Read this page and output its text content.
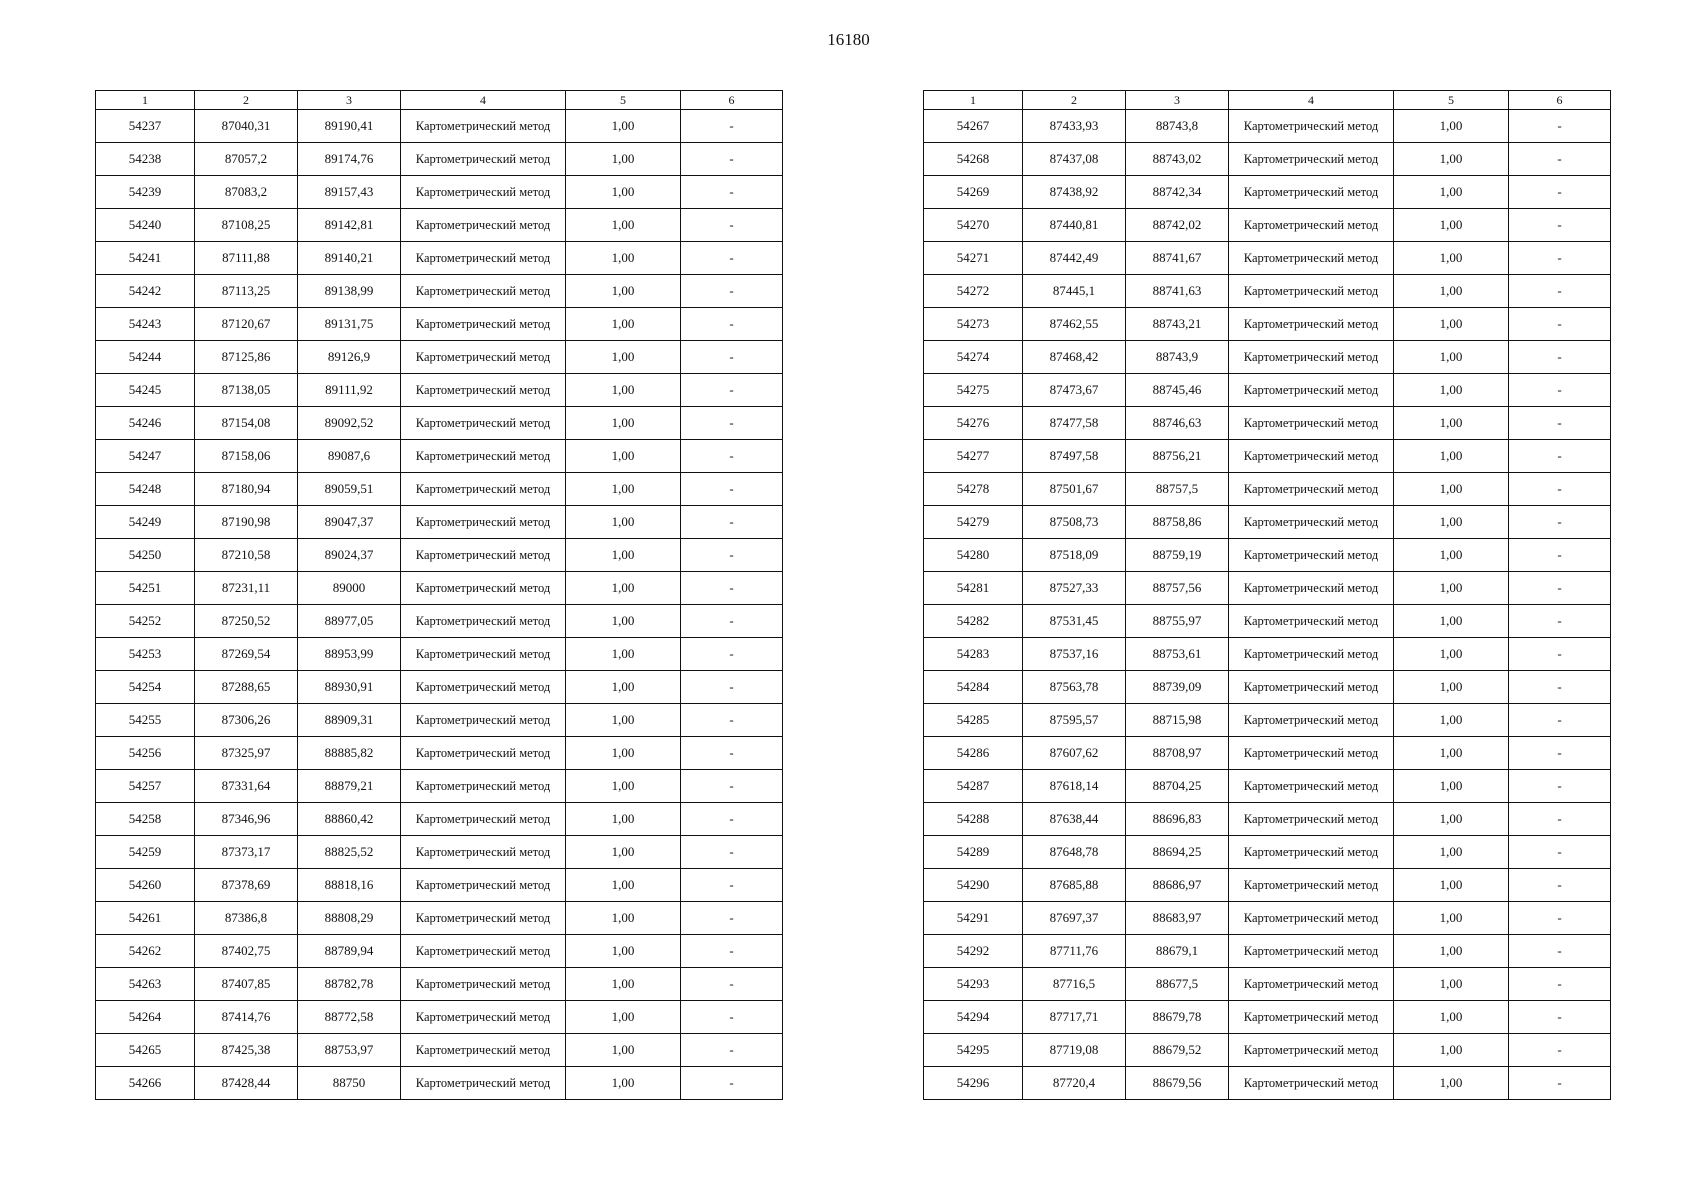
16180
1	2	3	4	5	6
54237	87040,31	89190,41	Картометрический метод	1,00	-
54238	87057,2	89174,76	Картометрический метод	1,00	-
54239	87083,2	89157,43	Картометрический метод	1,00	-
54240	87108,25	89142,81	Картометрический метод	1,00	-
54241	87111,88	89140,21	Картометрический метод	1,00	-
54242	87113,25	89138,99	Картометрический метод	1,00	-
54243	87120,67	89131,75	Картометрический метод	1,00	-
54244	87125,86	89126,9	Картометрический метод	1,00	-
54245	87138,05	89111,92	Картометрический метод	1,00	-
54246	87154,08	89092,52	Картометрический метод	1,00	-
54247	87158,06	89087,6	Картометрический метод	1,00	-
54248	87180,94	89059,51	Картометрический метод	1,00	-
54249	87190,98	89047,37	Картометрический метод	1,00	-
54250	87210,58	89024,37	Картометрический метод	1,00	-
54251	87231,11	89000	Картометрический метод	1,00	-
54252	87250,52	88977,05	Картометрический метод	1,00	-
54253	87269,54	88953,99	Картометрический метод	1,00	-
54254	87288,65	88930,91	Картометрический метод	1,00	-
54255	87306,26	88909,31	Картометрический метод	1,00	-
54256	87325,97	88885,82	Картометрический метод	1,00	-
54257	87331,64	88879,21	Картометрический метод	1,00	-
54258	87346,96	88860,42	Картометрический метод	1,00	-
54259	87373,17	88825,52	Картометрический метод	1,00	-
54260	87378,69	88818,16	Картометрический метод	1,00	-
54261	87386,8	88808,29	Картометрический метод	1,00	-
54262	87402,75	88789,94	Картометрический метод	1,00	-
54263	87407,85	88782,78	Картометрический метод	1,00	-
54264	87414,76	88772,58	Картометрический метод	1,00	-
54265	87425,38	88753,97	Картометрический метод	1,00	-
54266	87428,44	88750	Картометрический метод	1,00	-
1	2	3	4	5	6
54267	87433,93	88743,8	Картометрический метод	1,00	-
54268	87437,08	88743,02	Картометрический метод	1,00	-
54269	87438,92	88742,34	Картометрический метод	1,00	-
54270	87440,81	88742,02	Картометрический метод	1,00	-
54271	87442,49	88741,67	Картометрический метод	1,00	-
54272	87445,1	88741,63	Картометрический метод	1,00	-
54273	87462,55	88743,21	Картометрический метод	1,00	-
54274	87468,42	88743,9	Картометрический метод	1,00	-
54275	87473,67	88745,46	Картометрический метод	1,00	-
54276	87477,58	88746,63	Картометрический метод	1,00	-
54277	87497,58	88756,21	Картометрический метод	1,00	-
54278	87501,67	88757,5	Картометрический метод	1,00	-
54279	87508,73	88758,86	Картометрический метод	1,00	-
54280	87518,09	88759,19	Картометрический метод	1,00	-
54281	87527,33	88757,56	Картометрический метод	1,00	-
54282	87531,45	88755,97	Картометрический метод	1,00	-
54283	87537,16	88753,61	Картометрический метод	1,00	-
54284	87563,78	88739,09	Картометрический метод	1,00	-
54285	87595,57	88715,98	Картометрический метод	1,00	-
54286	87607,62	88708,97	Картометрический метод	1,00	-
54287	87618,14	88704,25	Картометрический метод	1,00	-
54288	87638,44	88696,83	Картометрический метод	1,00	-
54289	87648,78	88694,25	Картометрический метод	1,00	-
54290	87685,88	88686,97	Картометрический метод	1,00	-
54291	87697,37	88683,97	Картометрический метод	1,00	-
54292	87711,76	88679,1	Картометрический метод	1,00	-
54293	87716,5	88677,5	Картометрический метод	1,00	-
54294	87717,71	88679,78	Картометрический метод	1,00	-
54295	87719,08	88679,52	Картометрический метод	1,00	-
54296	87720,4	88679,56	Картометрический метод	1,00	-
